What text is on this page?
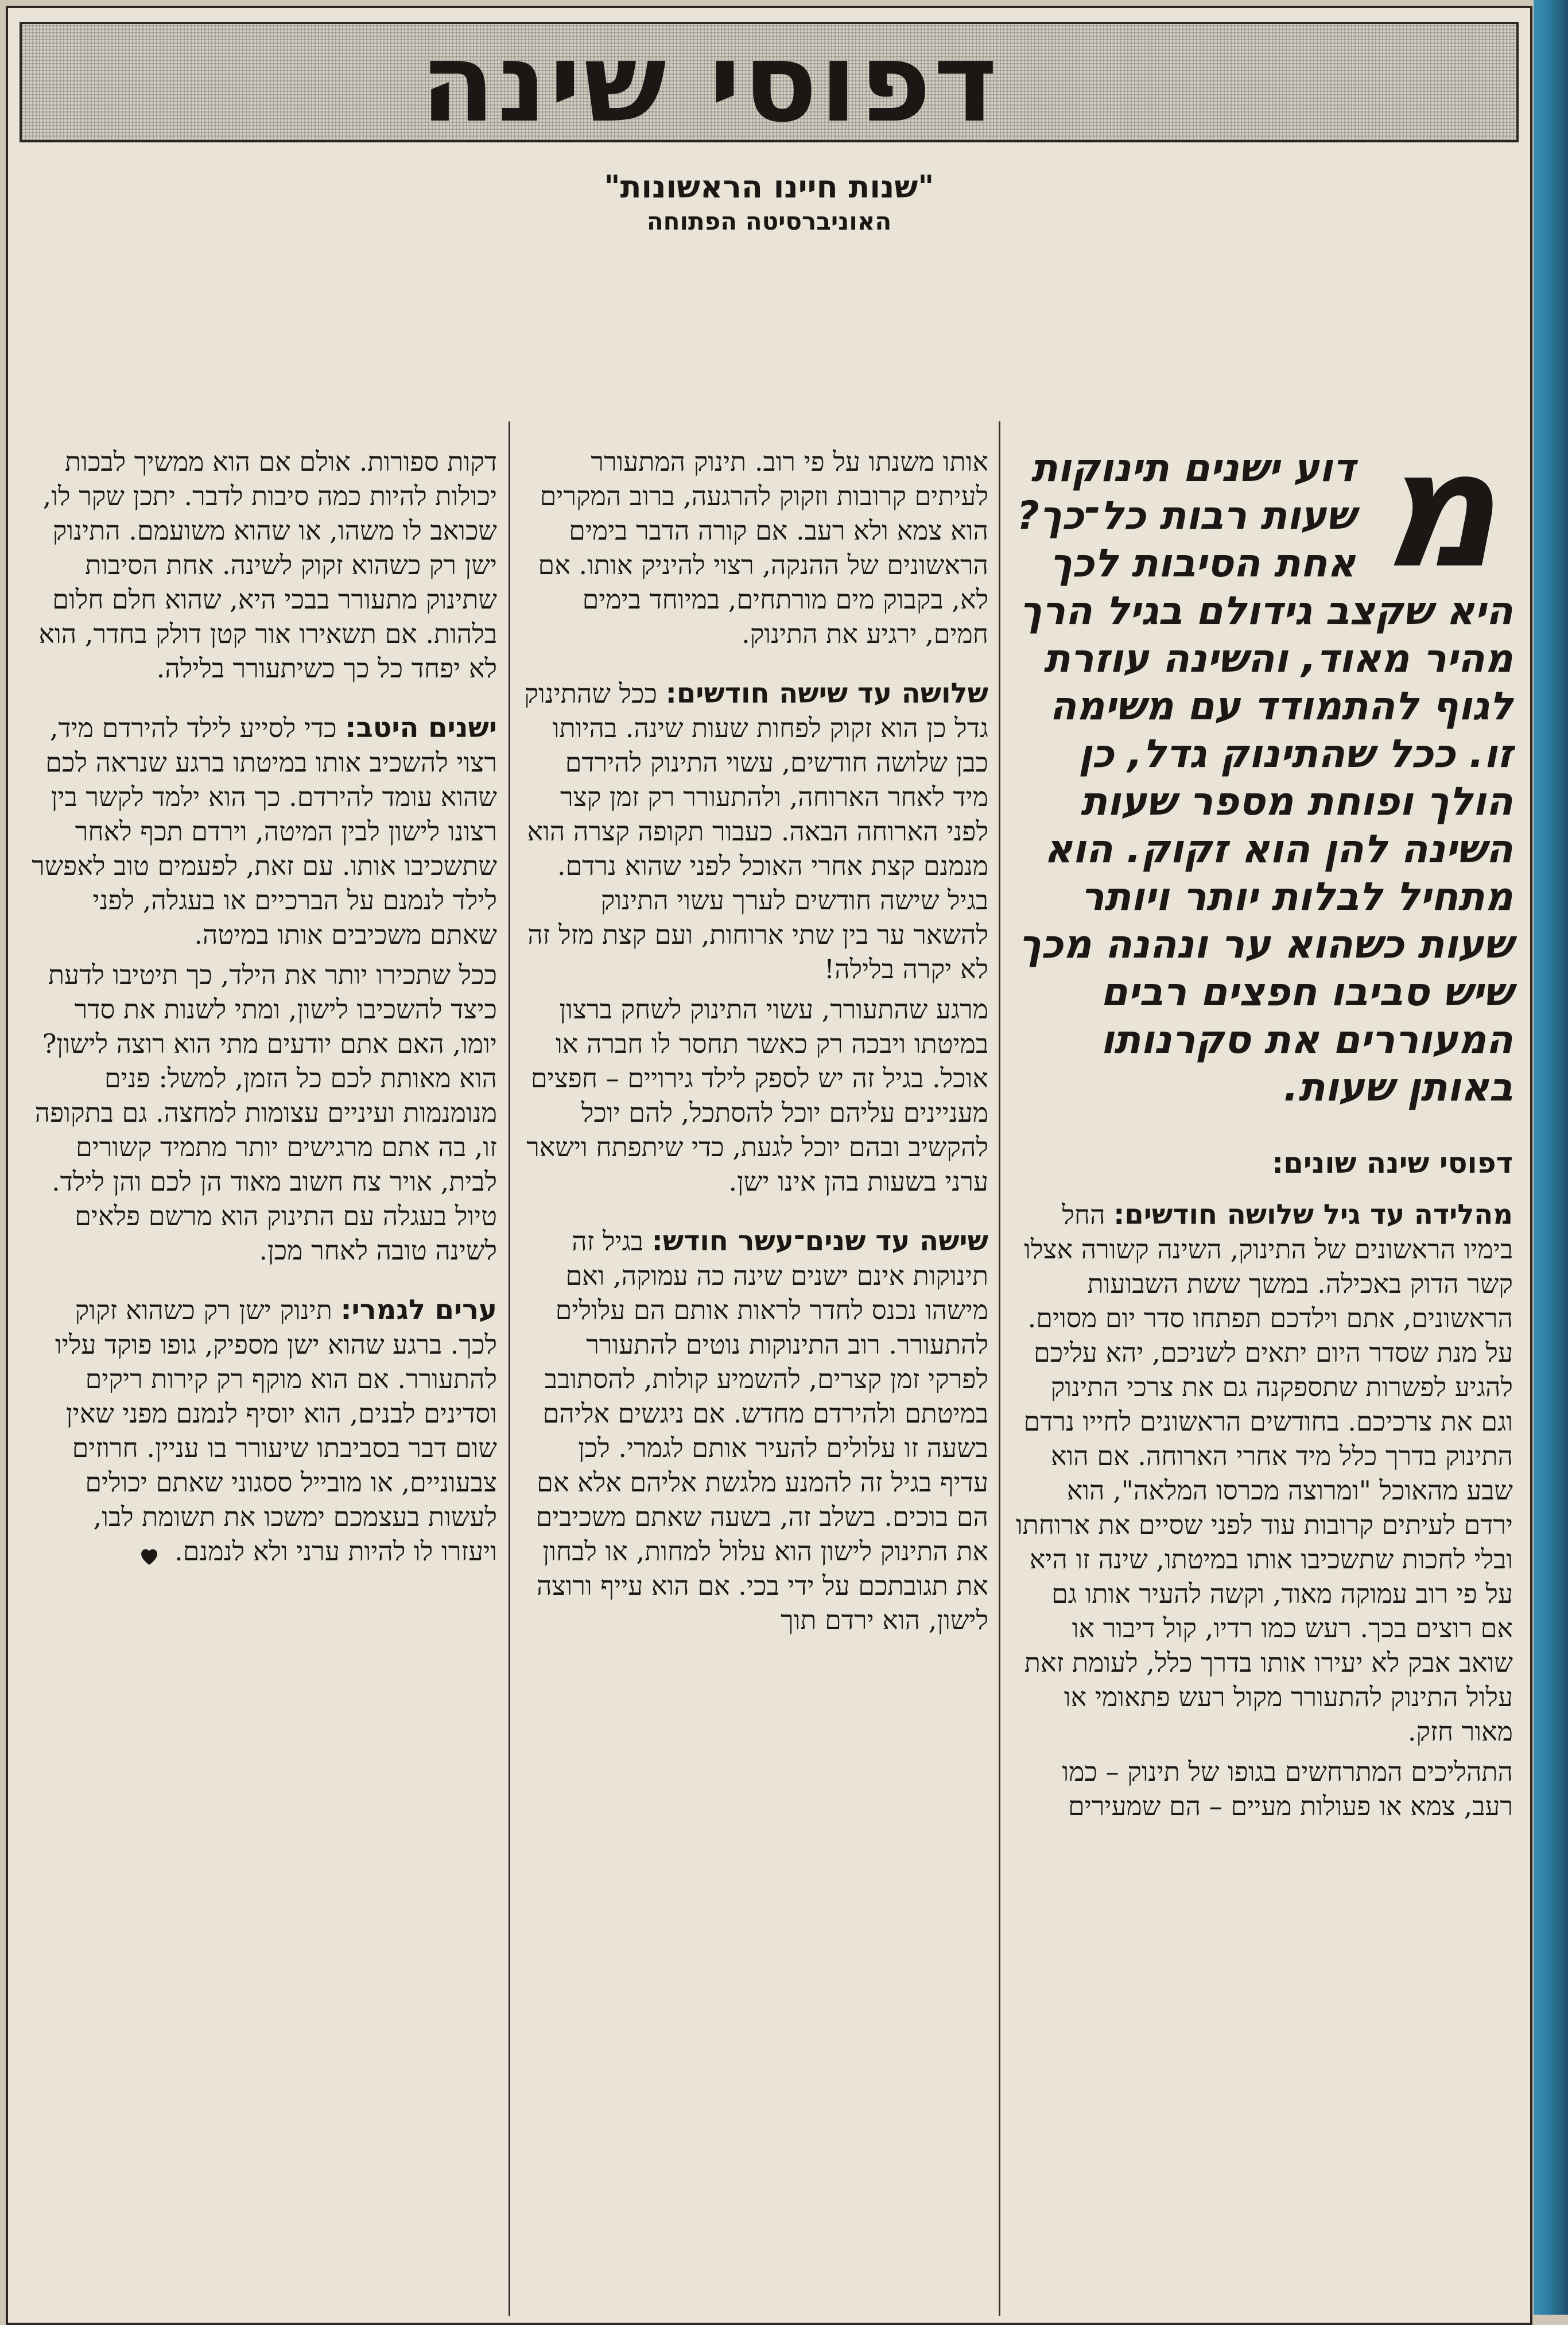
דפוסי שינה
"שנות חיינו הראשונות"
האוניברסיטה הפתוחה
מ
דוע ישנים תינוקות שעות רבות כל־כך? אחת הסיבות לכך היא שקצב גידולם בגיל הרך מהיר מאוד, והשינה עוזרת לגוף להתמודד עם משימה זו. ככל שהתינוק גדל, כן הולך ופוחת מספר שעות השינה להן הוא זקוק. הוא מתחיל לבלות יותר ויותר שעות כשהוא ער ונהנה מכך שיש סביבו חפצים רבים המעוררים את סקרנותו באותן שעות.
דפוסי שינה שונים:

מהלידה עד גיל שלושה חודשים: החל בימיו הראשונים של התינוק, השינה קשורה אצלו קשר הדוק באכילה. במשך ששת השבועות הראשונים, אתם וילדכם תפתחו סדר יום מסוים. על מנת שסדר היום יתאים לשניכם, יהא עליכם להגיע לפשרות שתספקנה גם את צרכי התינוק וגם את צרכיכם. בחודשים הראשונים לחייו נרדם התינוק בדרך כלל מיד אחרי הארוחה. אם הוא שבע מהאוכל "ומרוצה מכרסו המלאה", הוא ירדם לעיתים קרובות עוד לפני שסיים את ארוחתו ובלי לחכות שתשכיבו אותו במיטתו, שינה זו היא על פי רוב עמוקה מאוד, וקשה להעיר אותו גם אם רוצים בכך. רעש כמו רדיו, קול דיבור או שואב אבק לא יעירו אותו בדרך כלל, לעומת זאת עלול התינוק להתעורר מקול רעש פתאומי או מאור חזק.

התהליכים המתרחשים בגופו של תינוק – כמו רעב, צמא או פעולות מעיים – הם שמעירים

אותו משנתו על פי רוב. תינוק המתעורר לעיתים קרובות וזקוק להרגעה, ברוב המקרים הוא צמא ולא רעב. אם קורה הדבר בימים הראשונים של ההנקה, רצוי להיניק אותו. אם לא, בקבוק מים מורתחים, במיוחד בימים חמים, ירגיע את התינוק.

שלושה עד שישה חודשים: ככל שהתינוק גדל כן הוא זקוק לפחות שעות שינה. בהיותו כבן שלושה חודשים, עשוי התינוק להירדם מיד לאחר הארוחה, ולהתעורר רק זמן קצר לפני הארוחה הבאה. כעבור תקופה קצרה הוא מנמנם קצת אחרי האוכל לפני שהוא נרדם. בגיל שישה חודשים לערך עשוי התינוק להשאר ער בין שתי ארוחות, ועם קצת מזל זה לא יקרה בלילה!

מרגע שהתעורר, עשוי התינוק לשחק ברצון במיטתו ויבכה רק כאשר תחסר לו חברה או אוכל. בגיל זה יש לספק לילד גירויים – חפצים מעניינים עליהם יוכל להסתכל, להם יוכל להקשיב ובהם יוכל לגעת, כדי שיתפתח וישאר ערני בשעות בהן אינו ישן.

שישה עד שנים־עשר חודש: בגיל זה תינוקות אינם ישנים שינה כה עמוקה, ואם מישהו נכנס לחדר לראות אותם הם עלולים להתעורר. רוב התינוקות נוטים להתעורר לפרקי זמן קצרים, להשמיע קולות, להסתובב במיטתם ולהירדם מחדש. אם ניגשים אליהם בשעה זו עלולים להעיר אותם לגמרי. לכן עדיף בגיל זה להמנע מלגשת אליהם אלא אם הם בוכים. בשלב זה, בשעה שאתם משכיבים את התינוק לישון הוא עלול למחות, או לבחון את תגובתכם על ידי בכי. אם הוא עייף ורוצה לישון, הוא ירדם תוך

דקות ספורות. אולם אם הוא ממשיך לבכות יכולות להיות כמה סיבות לדבר. יתכן שקר לו, שכואב לו משהו, או שהוא משועמם. התינוק ישן רק כשהוא זקוק לשינה. אחת הסיבות שתינוק מתעורר בבכי היא, שהוא חלם חלום בלהות. אם תשאירו אור קטן דולק בחדר, הוא לא יפחד כל כך כשיתעורר בלילה.

ישנים היטב: כדי לסייע לילד להירדם מיד, רצוי להשכיב אותו במיטתו ברגע שנראה לכם שהוא עומד להירדם. כך הוא ילמד לקשר בין רצונו לישון לבין המיטה, וירדם תכף לאחר שתשכיבו אותו. עם זאת, לפעמים טוב לאפשר לילד לנמנם על הברכיים או בעגלה, לפני שאתם משכיבים אותו במיטה.

ככל שתכירו יותר את הילד, כך תיטיבו לדעת כיצד להשכיבו לישון, ומתי לשנות את סדר יומו, האם אתם יודעים מתי הוא רוצה לישון? הוא מאותת לכם כל הזמן, למשל: פנים מנומנמות ועיניים עצומות למחצה. גם בתקופה זו, בה אתם מרגישים יותר מתמיד קשורים לבית, אויר צח חשוב מאוד הן לכם והן לילד. טיול בעגלה עם התינוק הוא מרשם פלאים לשינה טובה לאחר מכן.

ערים לגמרי: תינוק ישן רק כשהוא זקוק לכך. ברגע שהוא ישן מספיק, גופו פוקד עליו להתעורר. אם הוא מוקף רק קירות ריקים וסדינים לבנים, הוא יוסיף לנמנם מפני שאין שום דבר בסביבתו שיעורר בו עניין. חרוזים צבעוניים, או מובייל ססגוני שאתם יכולים לעשות בעצמכם ימשכו את תשומת לבו, ויעזרו לו להיות ערני ולא לנמנם.
